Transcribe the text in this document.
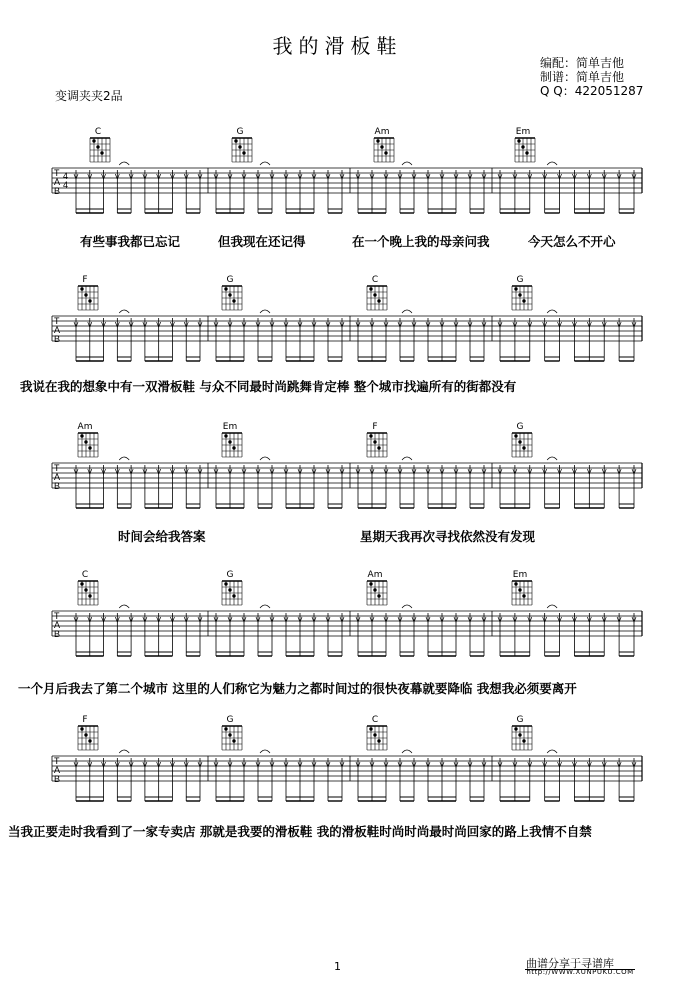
我的滑板鞋
编配：简单吉他
制谱：简单吉他
Q Q：422051287
变调夹夹2品
T
A
B
4
4
C	G	Am	Em
有些事我都已忘记	但我现在还记得	在一个晚上我的母亲问我	今天怎么不开心
T
A
B
F	G	C	G
我说在我的想象中有一双滑板鞋 与众不同最时尚跳舞肯定棒 整个城市找遍所有的街都没有
T
A
B
Am	Em	F	G
时间会给我答案	星期天我再次寻找依然没有发现
T
A
B
C	G	Am	Em
一个月后我去了第二个城市 这里的人们称它为魅力之都时间过的很快夜幕就要降临 我想我必须要离开
T
A
B
F	G	C	G
当我正要走时我看到了一家专卖店 那就是我要的滑板鞋 我的滑板鞋时尚时尚最时尚回家的路上我情不自禁
1	曲谱分享于寻谱库
http://WWW.XUNPUKU.COM
